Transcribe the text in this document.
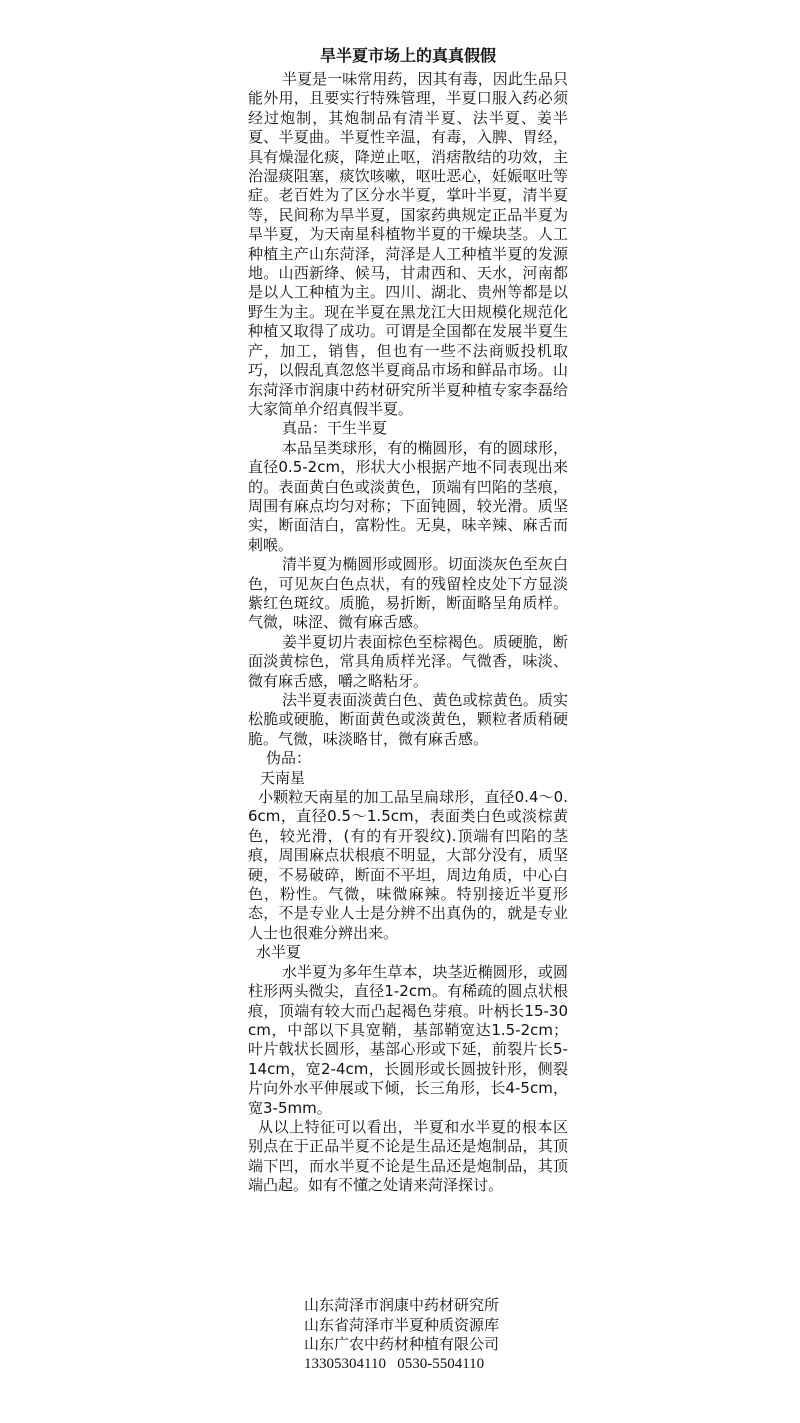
旱半夏市场上的真真假假

半夏是一味常用药，因其有毒，因此生品只能外用，且要实行特殊管理，半夏口服入药必须经过炮制，其炮制品有清半夏、法半夏、姜半夏、半夏曲。半夏性辛温，有毒，入脾、胃经，具有燥湿化痰，降逆止呕，消痞散结的功效，主治湿痰阻塞，痰饮咳嗽，呕吐恶心，妊娠呕吐等症。老百姓为了区分水半夏，掌叶半夏，清半夏等，民间称为旱半夏，国家药典规定正品半夏为旱半夏，为天南星科植物半夏的干燥块茎。人工种植主产山东菏泽，菏泽是人工种植半夏的发源地。山西新绛、候马，甘肃西和、天水，河南都是以人工种植为主。四川、湖北、贵州等都是以野生为主。现在半夏在黑龙江大田规模化规范化种植又取得了成功。可谓是全国都在发展半夏生产，加工，销售，但也有一些不法商贩投机取巧，以假乱真忽悠半夏商品市场和鲜品市场。山东菏泽市润康中药材研究所半夏种植专家李磊给大家简单介绍真假半夏。

真品：干生半夏

本品呈类球形，有的椭圆形，有的圆球形，直径0.5-2cm，形状大小根据产地不同表现出来的。表面黄白色或淡黄色，顶端有凹陷的茎痕，周围有麻点均匀对称；下面钝圆，较光滑。质坚实，断面洁白，富粉性。无臭，味辛辣、麻舌而刺喉。

清半夏为椭圆形或圆形。切面淡灰色至灰白色，可见灰白色点状，有的残留栓皮处下方显淡紫红色斑纹。质脆，易折断，断面略呈角质样。气微，味涩、微有麻舌感。

姜半夏切片表面棕色至棕褐色。质硬脆，断面淡黄棕色，常具角质样光泽。气微香，味淡、微有麻舌感，嚼之略粘牙。

法半夏表面淡黄白色、黄色或棕黄色。质实松脆或硬脆，断面黄色或淡黄色，颗粒者质稍硬脆。气微，味淡略甘，微有麻舌感。

伪品：

天南星

小颗粒天南星的加工品呈扁球形，直径0.4～0.6cm，直径0.5～1.5cm，表面类白色或淡棕黄色，较光滑，(有的有开裂纹).顶端有凹陷的茎痕，周围麻点状根痕不明显，大部分没有，质坚硬，不易破碎，断面不平坦，周边角质，中心白色，粉性。气微，味微麻辣。特别接近半夏形态，不是专业人士是分辨不出真伪的，就是专业人士也很难分辨出来。

水半夏

水半夏为多年生草本，块茎近椭圆形，或圆柱形两头微尖，直径1-2cm。有稀疏的圆点状根痕，顶端有较大而凸起褐色芽痕。叶柄长15-30cm，中部以下具宽鞘，基部鞘宽达1.5-2cm；叶片戟状长圆形，基部心形或下延，前裂片长5-14cm，宽2-4cm，长圆形或长圆披针形，侧裂片向外水平伸展或下倾，长三角形，长4-5cm，宽3-5mm。

从以上特征可以看出，半夏和水半夏的根本区别点在于正品半夏不论是生品还是炮制品，其顶端下凹，而水半夏不论是生品还是炮制品，其顶端凸起。如有不懂之处请来菏泽探讨。

山东菏泽市润康中药材研究所

山东省菏泽市半夏种质资源库

山东广农中药材种植有限公司

13305304110   0530-5504110
